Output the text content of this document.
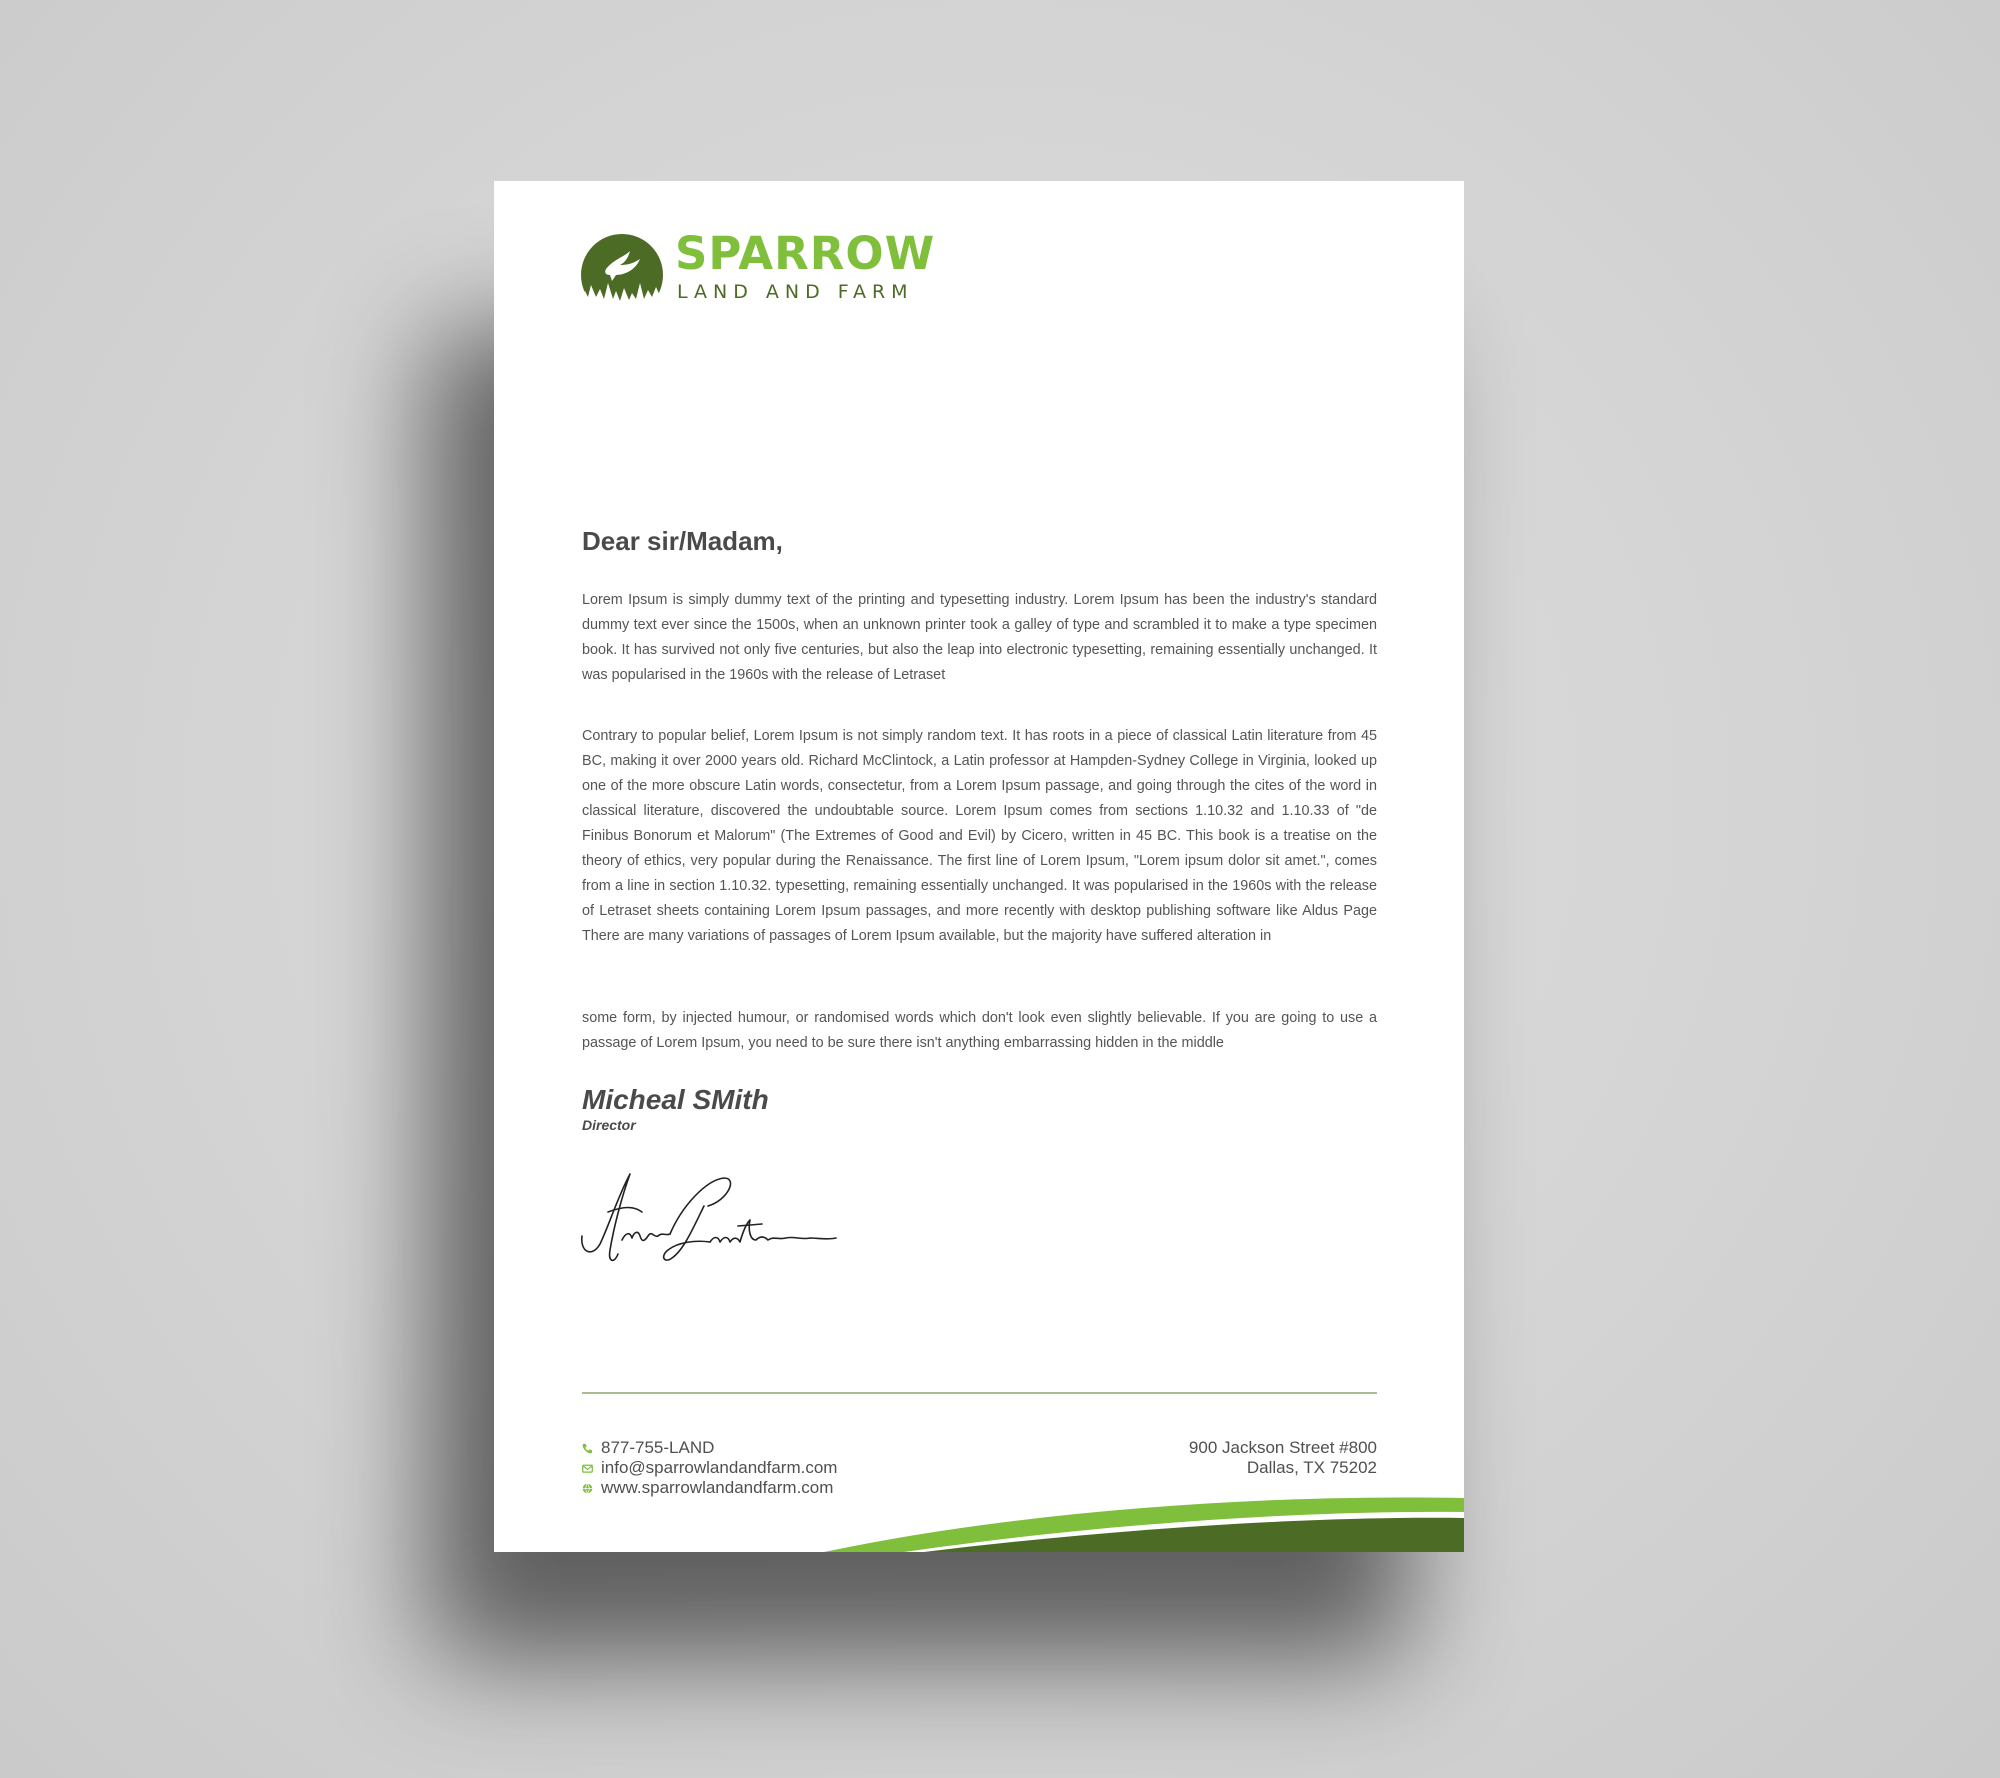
SPARROW
LAND AND FARM
Dear sir/Madam,
Lorem Ipsum is simply dummy text of the printing and typesetting industry. Lorem Ipsum has been the industry's standard dummy text ever since the 1500s, when an unknown printer took a galley of type and scrambled it to make a type specimen book. It has survived not only five centuries, but also the leap into electronic typesetting, remaining essentially unchanged. It was popularised in the 1960s with the release of Letraset
Contrary to popular belief, Lorem Ipsum is not simply random text. It has roots in a piece of classical Latin literature from 45 BC, making it over 2000 years old. Richard McClintock, a Latin professor at Hampden-Sydney College in Virginia, looked up one of the more obscure Latin words, consectetur, from a Lorem Ipsum passage, and going through the cites of the word in classical literature, discovered the undoubtable source. Lorem Ipsum comes from sections 1.10.32 and 1.10.33 of "de Finibus Bonorum et Malorum" (The Extremes of Good and Evil) by Cicero, written in 45 BC. This book is a treatise on the theory of ethics, very popular during the Renaissance. The first line of Lorem Ipsum, "Lorem ipsum dolor sit amet.", comes from a line in section 1.10.32. typesetting, remaining essentially unchanged. It was popularised in the 1960s with the release of Letraset sheets containing Lorem Ipsum passages, and more recently with desktop publishing software like Aldus Page There are many variations of passages of Lorem Ipsum available, but the majority have suffered alteration in
some form, by injected humour, or randomised words which don't look even slightly believable. If you are going to use a passage of Lorem Ipsum, you need to be sure there isn't anything embarrassing hidden in the middle
Micheal SMith
Director
877-755-LAND
info@sparrowlandandfarm.com
www.sparrowlandandfarm.com
900 Jackson Street #800
Dallas, TX 75202
